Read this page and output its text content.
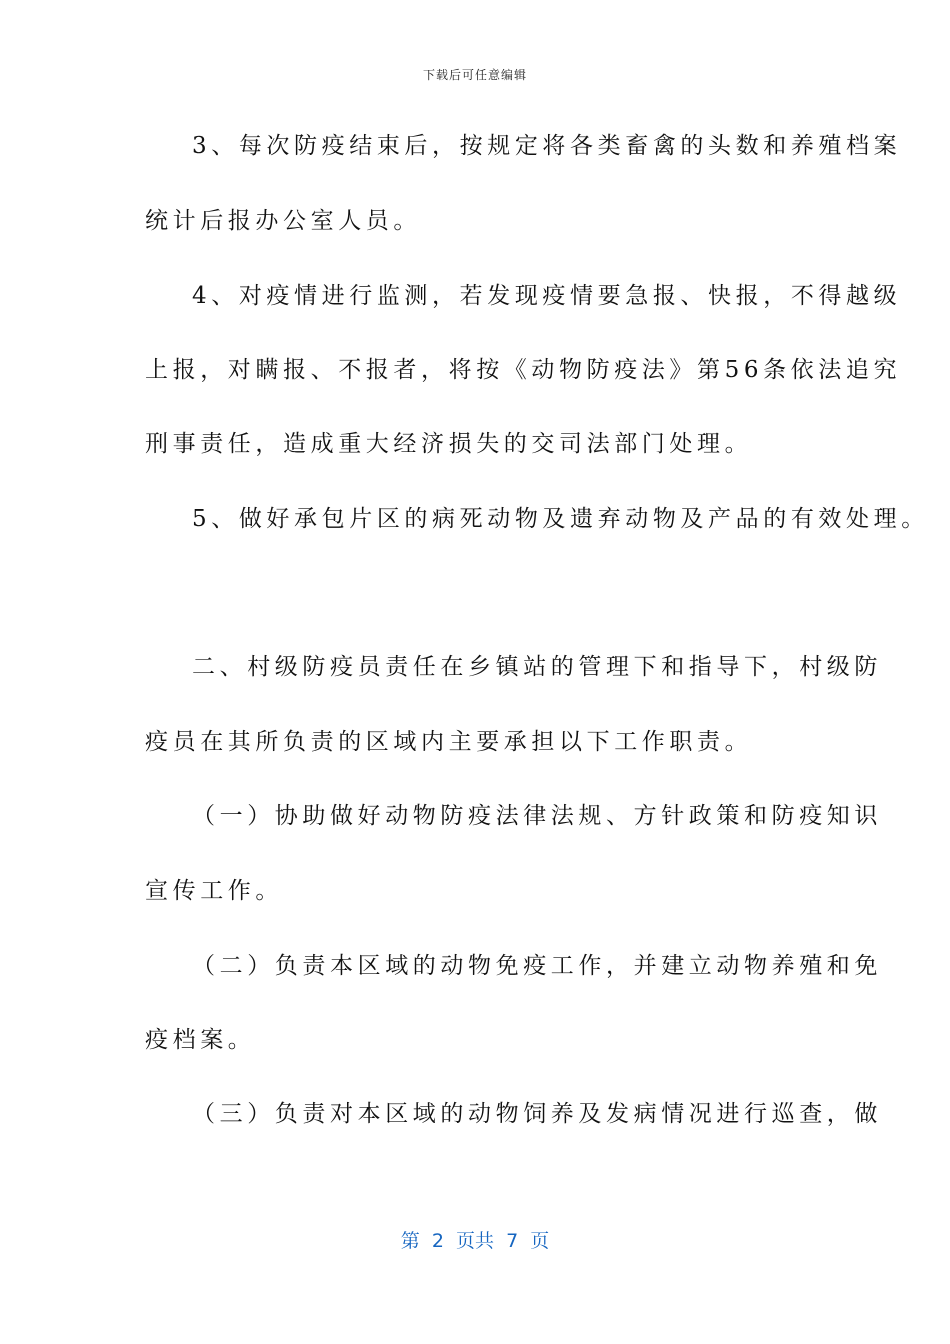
下载后可任意编辑
3、每次防疫结束后，按规定将各类畜禽的头数和养殖档案
统计后报办公室人员。
4、对疫情进行监测，若发现疫情要急报、快报，不得越级
上报，对瞒报、不报者，将按《动物防疫法》第56条依法追究
刑事责任，造成重大经济损失的交司法部门处理。
5、做好承包片区的病死动物及遗弃动物及产品的有效处理。
二、村级防疫员责任在乡镇站的管理下和指导下，村级防
疫员在其所负责的区域内主要承担以下工作职责。
（一）协助做好动物防疫法律法规、方针政策和防疫知识
宣传工作。
（二）负责本区域的动物免疫工作，并建立动物养殖和免
疫档案。
（三）负责对本区域的动物饲养及发病情况进行巡查，做
第  2  页共  7  页
